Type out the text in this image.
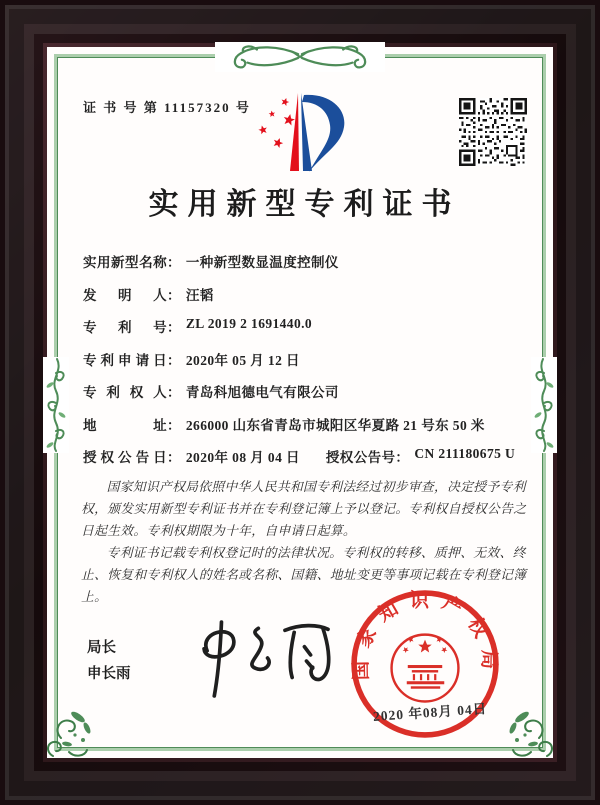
证 书 号 第 11157320 号
实用新型专利证书
实用新型名称 ： 一种新型数显温度控制仪
发明人 ： 汪韬
专利号 ： ZL 2019 2 1691440.0
专利申请日 ： 2020年 05 月 12 日
专利权人 ： 青岛科旭德电气有限公司
地址 ： 266000 山东省青岛市城阳区华夏路 21 号东 50 米
授权公告日 ： 2020年 08 月 04 日 授权公告号 ： CN 211180675 U

国家知识产权局依照中华人民共和国专利法经过初步审查，决定授予专利权，颁发实用新型专利证书并在专利登记簿上予以登记。专利权自授权公告之日起生效。专利权期限为十年，自申请日起算。

专利证书记载专利权登记时的法律状况。专利权的转移、质押、无效、终止、恢复和专利权人的姓名或名称、国籍、地址变更等事项记载在专利登记簿上。

局长
申长雨	国家知识产权局
2020 年08月 04日
